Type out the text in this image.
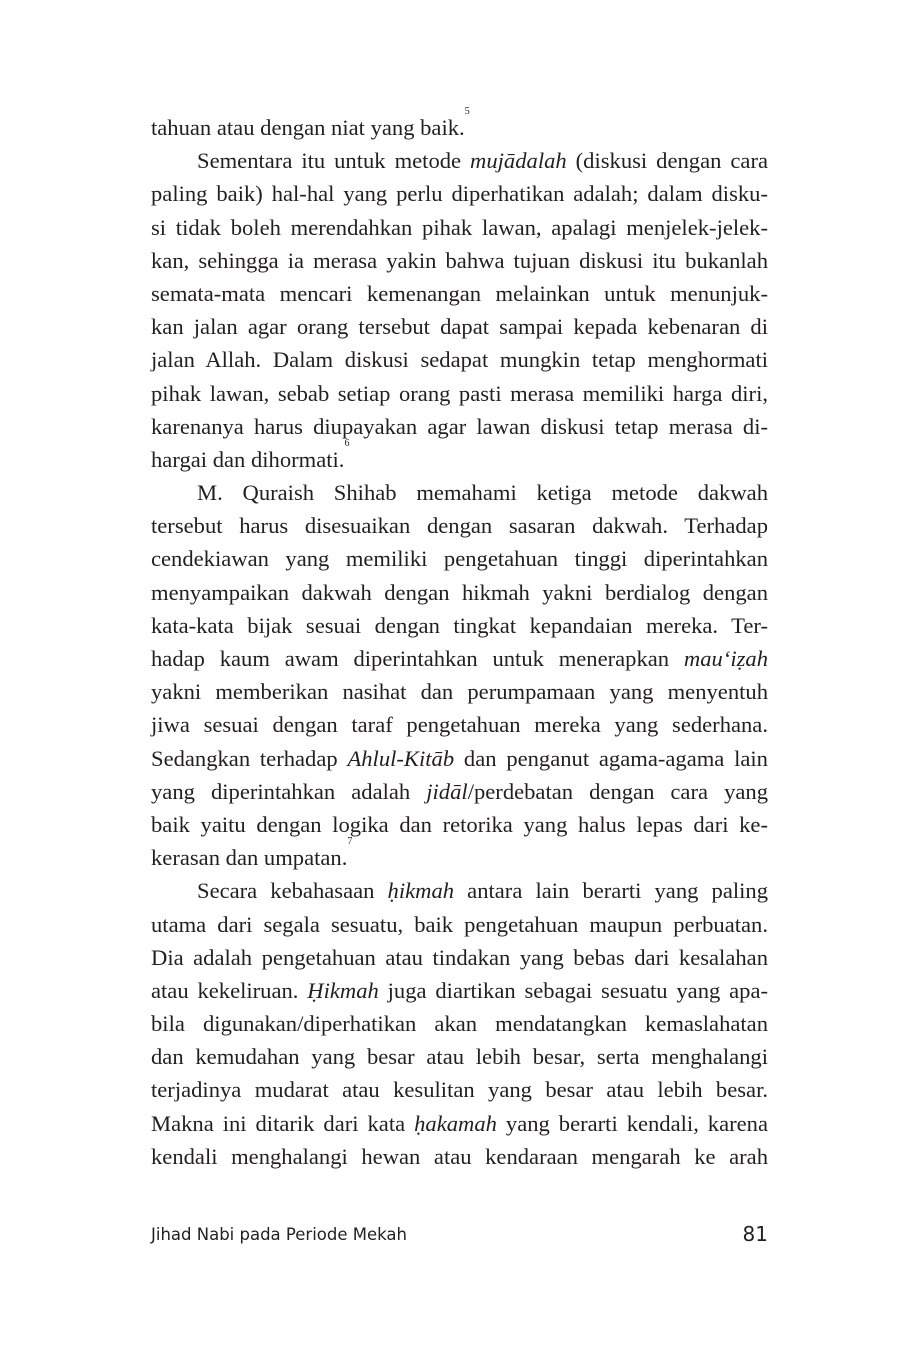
tahuan atau dengan niat yang baik.$^5$
Sementara itu untuk metode mujādalah (diskusi dengan cara
paling baik) hal-hal yang perlu diperhatikan adalah; dalam disku-
si tidak boleh merendahkan pihak lawan, apalagi menjelek-jelek-
kan, sehingga ia merasa yakin bahwa tujuan diskusi itu bukanlah
semata-mata mencari kemenangan melainkan untuk menunjuk-
kan jalan agar orang tersebut dapat sampai kepada kebenaran di
jalan Allah. Dalam diskusi sedapat mungkin tetap menghormati
pihak lawan, sebab setiap orang pasti merasa memiliki harga diri,
karenanya harus diupayakan agar lawan diskusi tetap merasa di-
hargai dan dihormati.$^6$
M. Quraish Shihab memahami ketiga metode dakwah
tersebut harus disesuaikan dengan sasaran dakwah. Terhadap
cendekiawan yang memiliki pengetahuan tinggi diperintahkan
menyampaikan dakwah dengan hikmah yakni berdialog dengan
kata-kata bijak sesuai dengan tingkat kepandaian mereka. Ter-
hadap kaum awam diperintahkan untuk menerapkan mau‘iẓah
yakni memberikan nasihat dan perumpamaan yang menyentuh
jiwa sesuai dengan taraf pengetahuan mereka yang sederhana.
Sedangkan terhadap Ahlul-Kitāb dan penganut agama-agama lain
yang diperintahkan adalah jidāl/perdebatan dengan cara yang
baik yaitu dengan logika dan retorika yang halus lepas dari ke-
kerasan dan umpatan.$^7$
Secara kebahasaan ḥikmah antara lain berarti yang paling
utama dari segala sesuatu, baik pengetahuan maupun perbuatan.
Dia adalah pengetahuan atau tindakan yang bebas dari kesalahan
atau kekeliruan. Ḥikmah juga diartikan sebagai sesuatu yang apa-
bila digunakan/diperhatikan akan mendatangkan kemaslahatan
dan kemudahan yang besar atau lebih besar, serta menghalangi
terjadinya mudarat atau kesulitan yang besar atau lebih besar.
Makna ini ditarik dari kata ḥakamah yang berarti kendali, karena
kendali menghalangi hewan atau kendaraan mengarah ke arah
Jihad Nabi pada Periode Mekah	81
